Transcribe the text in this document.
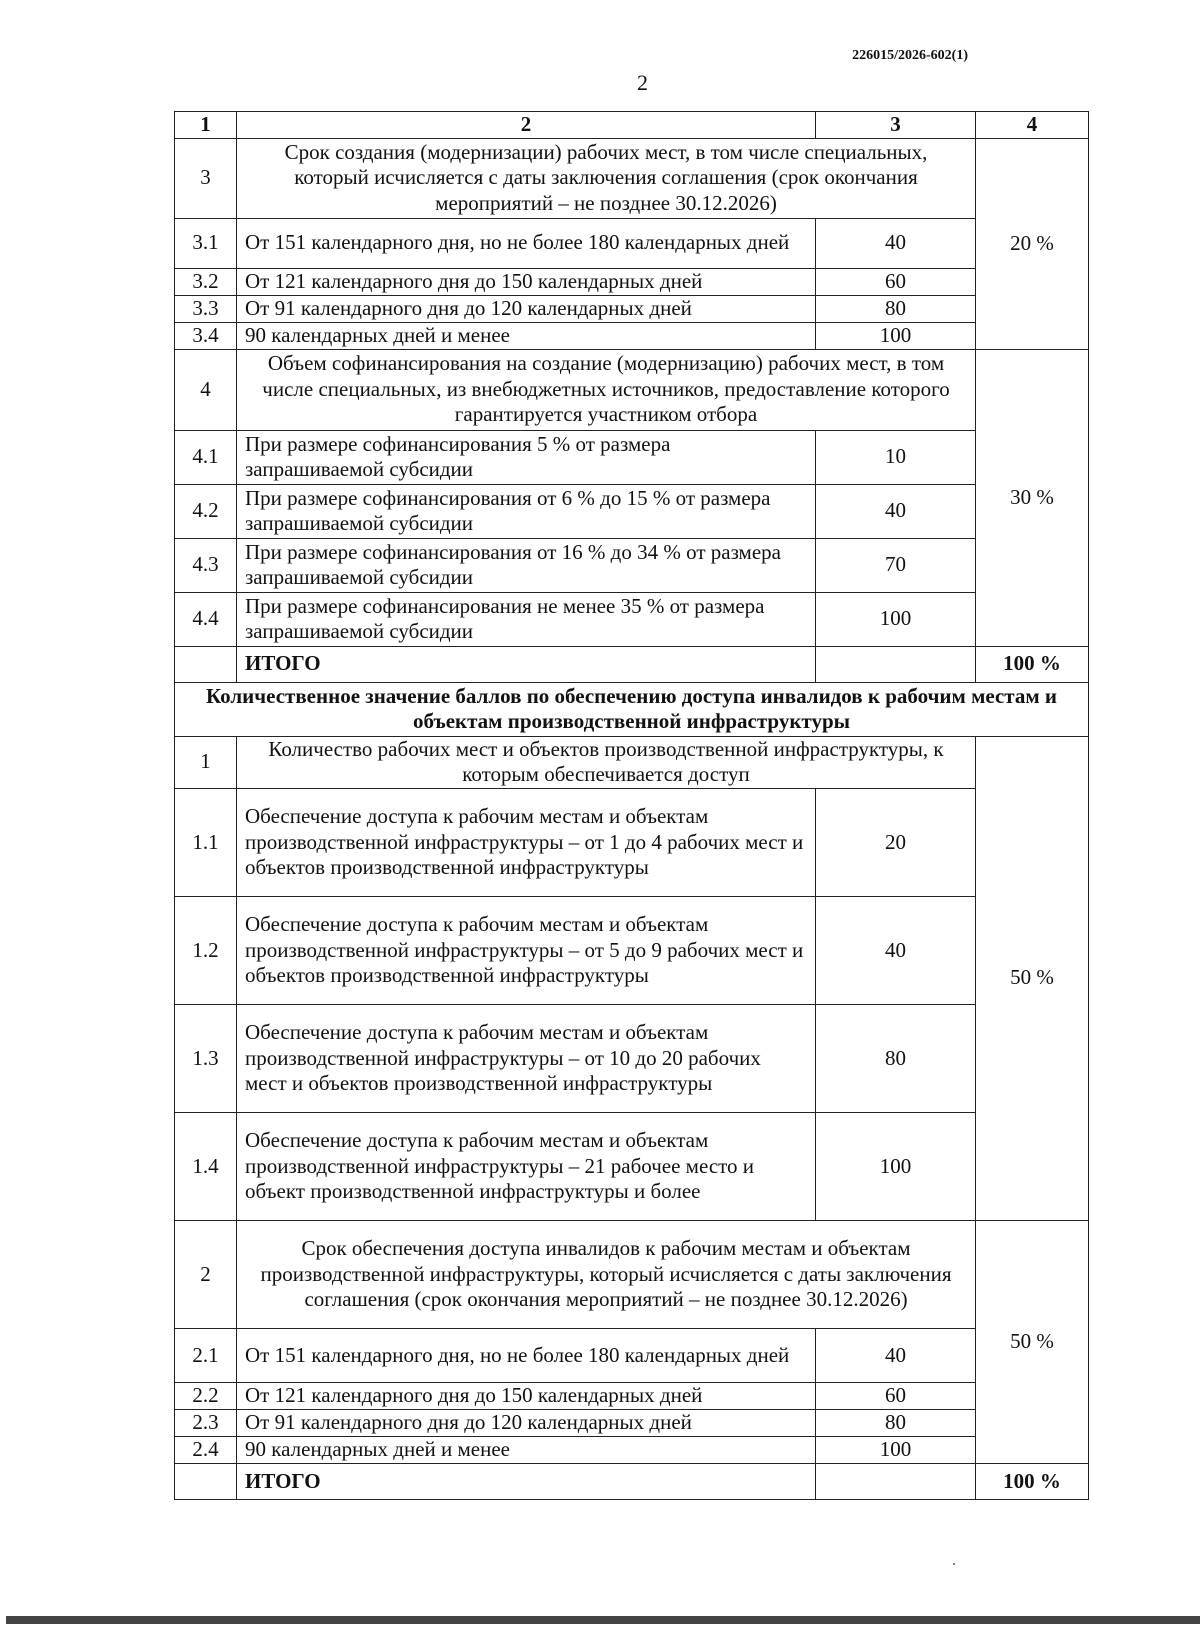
226015/2026-602(1)
2
1	2	3	4
3	Срок создания (модернизации) рабочих мест, в том числе специальных, который исчисляется с даты заключения соглашения (срок окончания мероприятий – не позднее 30.12.2026)		20 %
3.1	От 151 календарного дня, но не более 180 календарных дней	40	
3.2	От 121 календарного дня до 150 календарных дней	60	
3.3	От 91 календарного дня до 120 календарных дней	80	
3.4	90 календарных дней и менее	100	
4	Объем софинансирования на создание (модернизацию) рабочих мест, в том числе специальных, из внебюджетных источников, предоставление которого гарантируется участником отбора		30 %
4.1	При размере софинансирования 5 % от размера запрашиваемой субсидии	10	
4.2	При размере софинансирования от 6 % до 15 % от размера запрашиваемой субсидии	40	
4.3	При размере софинансирования от 16 % до 34 % от размера запрашиваемой субсидии	70	
4.4	При размере софинансирования не менее 35 % от размера запрашиваемой субсидии	100	
	ИТОГО		100 %
Количественное значение баллов по обеспечению доступа инвалидов к рабочим местам и объектам производственной инфраструктуры			
1	Количество рабочих мест и объектов производственной инфраструктуры, к которым обеспечивается доступ		50 %
1.1	Обеспечение доступа к рабочим местам и объектам производственной инфраструктуры – от 1 до 4 рабочих мест и объектов производственной инфраструктуры	20	
1.2	Обеспечение доступа к рабочим местам и объектам производственной инфраструктуры – от 5 до 9 рабочих мест и объектов производственной инфраструктуры	40	
1.3	Обеспечение доступа к рабочим местам и объектам производственной инфраструктуры – от 10 до 20 рабочих мест и объектов производственной инфраструктуры	80	
1.4	Обеспечение доступа к рабочим местам и объектам производственной инфраструктуры – 21 рабочее место и объект производственной инфраструктуры и более	100	
2	Срок обеспечения доступа инвалидов к рабочим местам и объектам производственной инфраструктуры, который исчисляется с даты заключения соглашения (срок окончания мероприятий – не позднее 30.12.2026)		50 %
2.1	От 151 календарного дня, но не более 180 календарных дней	40	
2.2	От 121 календарного дня до 150 календарных дней	60	
2.3	От 91 календарного дня до 120 календарных дней	80	
2.4	90 календарных дней и менее	100	
	ИТОГО		100 %
